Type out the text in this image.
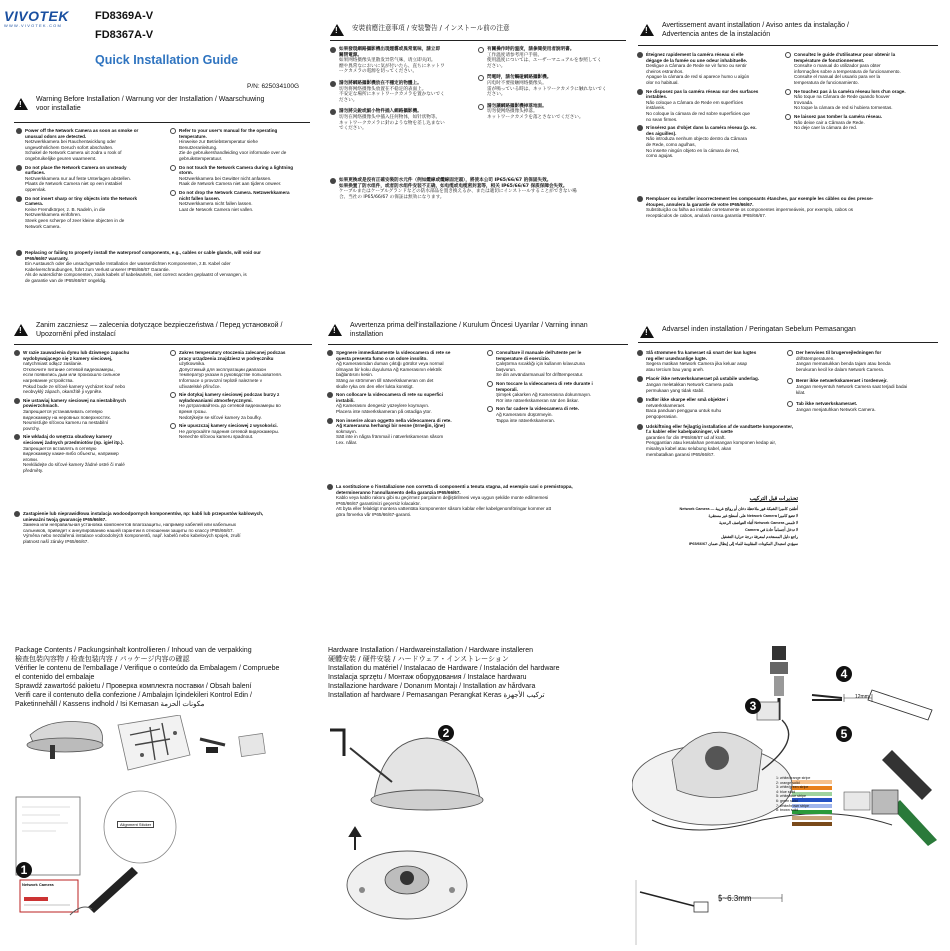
VIVOTEK
WWW.VIVOTEK.COM
FD8369A-V
FD8367A-V
Quick Installation Guide
P/N: 625034100G
!
Warning Before Installation / Warnung vor der Installation / Waarschuwing
voor installatie
Power off the Network Camera as soon as smoke or
unusual odors are detected.
Netzwerkkamera bei Rauchentwicklung oder
ungewöhnlichem Geruch sofort abschalten.
Schakel de Network Camera uit zodra u rook of
ongebruikelijke geuren waarneemt.
Do not place the Network Camera on unsteady
surfaces.
Netzwerkkamera nur auf feste Unterlagen abstellen.
Plaats de Network Camera niet op een instabiel
oppervlak.
Do not insert sharp or tiny objects into the Network
Camera.
Keine Fremdkörper, z. B. Nadeln, in die
Netzwerkkamera einführen.
Steek geen scherpe of zeer kleine objecten in de
Network Camera.
Refer to your user's manual for the operating
temperature.
Hinweise zur Betriebstemperatur siehe
Benutzeranleitung.
Zie de gebruikershandleiding voor informatie over de
gebruikstemperatuur.
Do not touch the Network Camera during a lightning
storm.
Netzwerkkamera bei Gewitter nicht anfassen.
Raak de Network Camera niet aan tijdens onweer.
Do not drop the Network Camera. Netzwerkkamera
nicht fallen lassen.
Netzwerkkamera nicht fallen lassen.
Laat de Network Camera niet vallen.
Replacing or failing to properly install the waterproof components, e.g., cables or cable glands, will void our
IP65/66/67 warranty.
Ein Austausch oder die unsachgemäße Installation der wasserdichten Komponenten, z.B. Kabel oder
Kabelverschraubungen, führt zum Verlust unserer IP65/66/67 Garantie.
Als de waterdichte componenten, zoals kabels of kabelwartels, niet correct worden geplaatst of vervangen, is
de garantie van de IP65/66/67 ongeldig.
!
安裝前應注意事項 / 安装警告 / インストール前の注意
如果發現網路攝影機出現煙霧或異常氣味，請立即
關閉電源。
如果网络摄像头里散发异常气味，请立即关闭。
煙や異常なにおいに気が付いたら、直ちにネットワ
ークカメラの電源を切ってください。
請勿將網路攝影機放在不穩定的物體上。
切勿将网络摄像头放置在不稳定的表面上。
不安定な場所にネットワークカメラを置かないでく
ださい。
請勿將尖銳或細小物件插入網路攝影機。
切勿在网络摄像头中插入任何物体，如针状物等。
ネットワークカメラに針のような物を差し込まない
でください。
有關操作時的溫度，請參閱使用者說明書。
工作温度请参考用户手册。
使用温度については、ユーザーマニュアルを参照してく
ださい。
閃電時，請勿觸碰網路攝影機。
闪电时不要接触网络摄像头。
雷が鳴っている時は、ネットワークカメラに触れないでく
ださい。
請勿讓網路攝影機掉落地面。
切勿使网络摄像头掉落。
ネットワークカメラを落とさないでください。
如果更換或是沒有正確安裝防水元件（例如纜線或纜線固定頭），將使本公司 IP65/66/67 的保固失效。
如果换置了防水组件，或者防水组件安装不正确，如电缆或电缆密封套等，相关 IP65/66/67 保质保障会失效。
ケーブルまたはケーブルグランドなどの防水部品を置き換えるか、または適切にインストールすることができない場
合、当社の IP65/66/67 の保証は無効になります。
!
Avertissement avant installation / Aviso antes da instalação /
Advertencia antes de la instalación
Éteignez rapidement la caméra réseau si elle
dégage de la fumée ou une odeur inhabituelle.
Desligue a Câmara de Rede se vir fumo ou sentir
cheiros estranhos.
Apague la cámara de red si aparece humo u algún
olor no habitual.
Ne disposez pas la caméra réseau sur des surfaces
instables.
Não coloque a Câmara de Rede em superfícies
instáveis.
No coloque la cámara de red sobre superficies que
no sean firmes.
N'insérez pas d'objet dans la caméra réseau (p. ex.
des aiguilles).
Não introduza nenhum objecto dentro da Câmara
de Rede, como agulhas,
No inserte ningún objeto en la cámara de red,
como agujas.
Consultez le guide d'utilisateur pour obtenir la
température de fonctionnement.
Consulte o manual do utilizador para obter
informações sobre a temperatura de funcionamento.
Consulte el manual del usuario para ver la
temperatura de funcionamiento.
Ne touchez pas à la caméra réseau lors d'un orage.
Não toque na Câmara de Rede quando houver
trovoada.
No toque la cámara de red si hubiera tormentas.
Ne laissez pas tomber la caméra réseau.
Não deixe cair a Câmara de Rede.
No deje caer la cámara de red.
Remplacer ou installer incorrectement les composants étanches, par exemple les câbles ou des presse-
étoupes, annulera la garantie de votre IP65/66/67.
Substituição ou falha ao instalar corretamente os componentes impermeáveis, por exemplo, cabos os
receptáculos de cabos, anulará nossa garantia IP65/66/67.
!
Zanim zaczniesz — zalecenia dotyczące bezpieczeństwa / Перед установкой /
Upozornění před instalací
W razie zauważenia dymu lub dziwnego zapachu
wydobywającego się z kamery sieciowej,
natychmiast odłącz zasilanie.
Отключите питание сетевой видеокамеры,
если появились дым или произошло сильное
нагревание устройства.
Pokud bude ze síťové kamery vycházet kouř nebo
neobvyklý zápach, okamžitě ji vypněte.
Nie ustawiaj kamery sieciowej na niestabilnych
powierzchniach.
Запрещается устанавливать сетевую
видеокамеру на неровных поверхностях.
Neumisťujte síťovou kameru na nestabilní
povrchy.
Nie wkładaj do wnętrza obudowy kamery
sieciowej żadnych przedmiotów (np. igieł itp.).
Запрещается вставлять в сетевую
видеокамеру какие-либо объекты, например
иголки.
Nevkládejte do síťové kamery žádné ostré či malé
předměty.
Zakres temperatury otoczenia zalecanej podczas
pracy urządzenia znajdziesz w podręczniku
użytkownika.
Допустимый для эксплуатации диапазон
температур указан в руководстве пользователя.
Informace o provozní teplotě naleznete v
uživatelské příručce.
Nie dotykaj kamery sieciowej podczas burzy z
wyładowaniami atmosferycznymi.
Не дотрагивайтесь до сетевой видеокамеры во
время грозы.
Nedotýkejte se síťové kamery za bouřky.
Nie upuszczaj kamery sieciowej z wysokości.
Не допускайте падения сетевой видеокамеры.
Nenechte síťovou kameru spadnout.
Zastąpienie lub nieprawidłowa instalacja wodoodpornych komponentów, np: kabli lub przepustów kablowych,
unieważni twoją gwarancję IP65/66/67.
Замена или неправильная установка компонентов влагозащиты, например кабелей или кабельных
сальников, приведет к аннулированию нашей гарантии в отношении защиты по классу IP65/66/67.
Výměna nebo nezdařená instalace vodoodolných komponentů, např. kabelů nebo kabelových spojek, zruší
platnost naší záruky IP65/66/67.
!
Avvertenza prima dell'installazione / Kurulum Öncesi Uyarılar / Varning innan
installation
Spegnere immediatamente la videocamera di rete se
questa presenta fumo o un odore insolito.
Ağ Kamerasından duman çıktığı görülür veya normal
olmayan bir koku duyulursa Ağ Kamerasının elektrik
bağlantısını kesin.
Stäng av strömmen till nätverkskameran om det
skulle ryka om den eller lukta konstigt.
Non collocare la videocamera di rete su superfici
instabili.
Ağ Kamerasını dengesiz yüzeylere koymayın.
Placera inte nätverkskameran på ostadiga ytor.
Non inserire alcun oggetto nella videocamera di rete.
Ağ Kamerasına herhangi bir nesne (örneğin, iğne)
sokmayın.
Sätt inte in några främmail i nätverkskameran såsom
t.ex. nålar.
Consultare il manuale dell'utente per le
temperature di esercizio.
Çalıştırma sıcaklığı için kullanım kılavuzuna
başvurun.
Se din användarmanual för drifttemperatur.
Non toccare la videocamera di rete durante i
temporali.
Şimşek çakarken Ağ Kamerasına dokunmayın.
Rör inte nätverkskameran när den åskar.
Non far cadere la videocamera di rete.
Ağ Kamerasını düşürmeyin.
Tappa inte nätverkskameran.
La sostituzione o l'installazione non corretta di componenti a tenuta stagna, ad esempio cavi o premistoppa,
determineranno l'annullamento della garanzia IP65/66/67.
Kablo veya kablo rakoru gibi su geçirmez parçaların değiştirilmesi veya uygun şekilde monte edilmemesi
IP65/66/67 garantimizi geçersiz kılacaktır.
Att byta eller felaktigt montera vattentäta komponenter såsom kablar eller kabelgenomföringar kommer att
göra förverka vår IP65/66/67-garanti.
!
Advarsel inden installation / Peringatan Sebelum Pemasangan
Slå strømmen fra kameraet så snart der kan lugtes
røg eller usædvanlige lugte.
Segera matikan Network Camera jika keluar asap
atau tercium bau yang aneh.
Placér ikke netværkskameraet på ustabile underlag.
Jangan meletakkan Network Camera pada
permukaan yang tidak stabil.
Indfør ikke skarpe eller små objekter i
netværkskameraet.
Baca panduan pengguna untuk suhu
pengoperasian.
Udskiftning eller fejlagtig installation af de vandtætte komponenter, f.x kabler eller kabelpakninger, vil sætte
garantien for din IP65/66/67 ud af kraft.
Penggantian atau kesalahan pemasangan komponen kedap air, misalnya kabel atau selubung kabel, akan
membatalkan garansi IP65/66/67.
Der henvises til brugervejledningen for
driftstemperaturen.
Jangan memasukkan benda tajam atau benda
berukuran kecil ke dalam Network Camera.
Berør ikke netværkskameraet i tordenvejr.
Jangan menyentuh Network Camera saat terjadi badai
kilat.
Tab ikke netværkskameraet.
Jangan menjatuhkan Network Camera.
تحذيرات قبل التركيب
أطفئ كاميرا الشبكة فور ملاحظة دخان أو روائح غريبة — Network Camera
لا تضع كاميرا Network Camera على أسطح غير مستقرة
لا تلمس Network Camera أثناء العواصف الرعدية
لا تدخل أجساماً حادة في Camera
راجع دليل المستخدم لمعرفة درجة حرارة التشغيل
سيؤدي استبدال المكونات المقاومة للماء إلى إبطال ضمان IP65/66/67
Package Contents / Packungsinhalt kontrollieren / Inhoud van de verpakking
檢查包裝內容物 / 检查包装内容 / パッケージ内容の確認
Vérifier le contenu de l'emballage / Verifique o conteúdo da Embalagem / Compruebe
el contenido del embalaje
Sprawdź zawartość pakietu / Проверка комплекта поставки / Obsah balení
Verifi care il contenuto della confezione / Ambalajın İçindekileri Kontrol Edin /
Paketinnehåll / Kassens indhold / Isi Kemasan مكونات الحزمة
Alignment Sticker
Network Camera
1
Hardware Installation / Hardwareinstallation / Hardware installeren
硬體安裝 / 硬件安装 / ハードウェア・インストレーション
Installation du matériel / Instalacao de Hardware / Instalación del hardware
Instalacja sprzętu / Монтаж оборудования / Instalace hardwaru
Installazione hardware / Donanım Montajı / Installation av hårdvara
Installation af hardware / Pemasangan Perangkat Keras تركيب الأجهزة
2
3
4
5
12mm
5~6.3mm
1: white/orange stripe
2: orange solid
3: white/green stripe
4: blue solid
5: white/blue stripe
6: green solid
7: white/brown stripe
8: brown solid
